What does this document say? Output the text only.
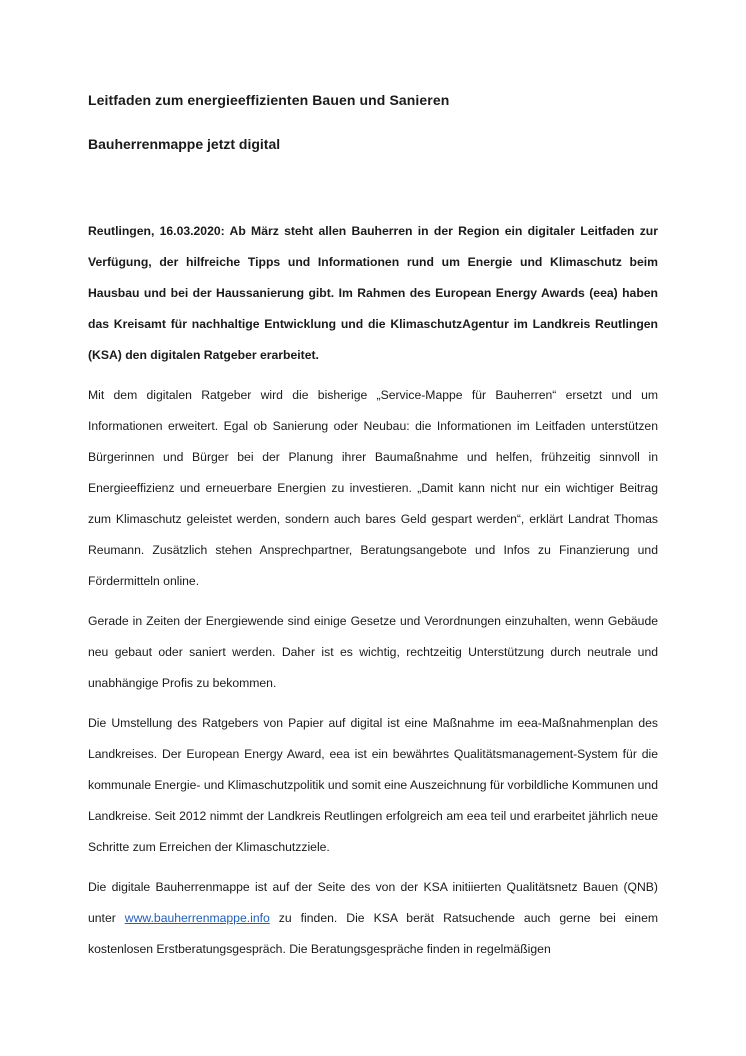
Leitfaden zum energieeffizienten Bauen und Sanieren
Bauherrenmappe jetzt digital

Reutlingen, 16.03.2020: Ab März steht allen Bauherren in der Region ein digitaler Leitfaden zur Verfügung, der hilfreiche Tipps und Informationen rund um Energie und Klimaschutz beim Hausbau und bei der Haussanierung gibt. Im Rahmen des European Energy Awards (eea) haben das Kreisamt für nachhaltige Entwicklung und die KlimaschutzAgentur im Landkreis Reutlingen (KSA) den digitalen Ratgeber erarbeitet.

Mit dem digitalen Ratgeber wird die bisherige „Service-Mappe für Bauherren“ ersetzt und um Informationen erweitert. Egal ob Sanierung oder Neubau: die Informationen im Leitfaden unterstützen Bürgerinnen und Bürger bei der Planung ihrer Baumaßnahme und helfen, frühzeitig sinnvoll in Energieeffizienz und erneuerbare Energien zu investieren. „Damit kann nicht nur ein wichtiger Beitrag zum Klimaschutz geleistet werden, sondern auch bares Geld gespart werden“, erklärt Landrat Thomas Reumann. Zusätzlich stehen Ansprechpartner, Beratungsangebote und Infos zu Finanzierung und Fördermitteln online.

Gerade in Zeiten der Energiewende sind einige Gesetze und Verordnungen einzuhalten, wenn Gebäude neu gebaut oder saniert werden. Daher ist es wichtig, rechtzeitig Unterstützung durch neutrale und unabhängige Profis zu bekommen.

Die Umstellung des Ratgebers von Papier auf digital ist eine Maßnahme im eea-Maßnahmenplan des Landkreises. Der European Energy Award, eea ist ein bewährtes Qualitätsmanagement-System für die kommunale Energie- und Klimaschutzpolitik und somit eine Auszeichnung für vorbildliche Kommunen und Landkreise. Seit 2012 nimmt der Landkreis Reutlingen erfolgreich am eea teil und erarbeitet jährlich neue Schritte zum Erreichen der Klimaschutzziele.

Die digitale Bauherrenmappe ist auf der Seite des von der KSA initiierten Qualitätsnetz Bauen (QNB) unter www.bauherrenmappe.info zu finden. Die KSA berät Ratsuchende auch gerne bei einem kostenlosen Erstberatungsgespräch. Die Beratungsgespräche finden in regelmäßigen
